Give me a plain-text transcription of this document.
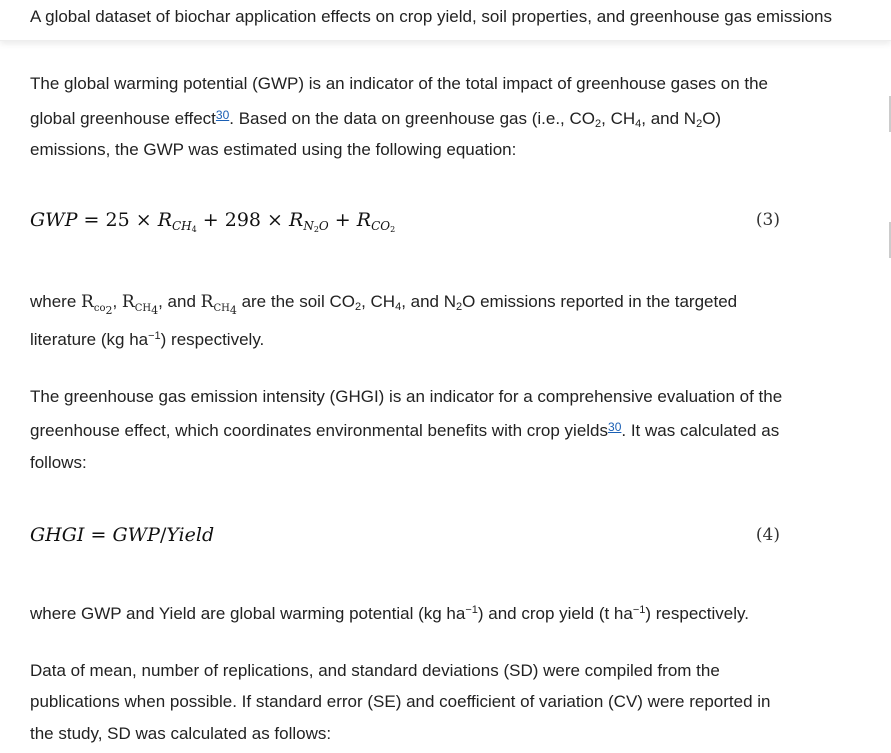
A global dataset of biochar application effects on crop yield, soil properties, and greenhouse gas emissions

The global warming potential (GWP) is an indicator of the total impact of greenhouse gases on the global greenhouse effect$^{30}$. Based on the data on greenhouse gas (i.e., $CO_2$, $CH_4$, and $N_2O$) emissions, the GWP was estimated using the following equation:

GWP = $25 \times R_{CH4} + 298 \times R_{N2O} + R_{CO2}$	(3)

where $R_{co_2}$, $R_{CH_4}$, and $R_{CH_4}$ are the soil $CO_2$, $CH_4$, and $N_2O$ emissions reported in the targeted literature (kg $ha^{-1}$) respectively.

The greenhouse gas emission intensity (GHGI) is an indicator for a comprehensive evaluation of the greenhouse effect, which coordinates environmental benefits with crop yields$^{30}$. It was calculated as follows:

GHGI = GWP/Yield	(4)

where GWP and Yield are global warming potential (kg $ha^{-1}$) and crop yield (t $ha^{-1}$) respectively.

Data of mean, number of replications, and standard deviations (SD) were compiled from the publications when possible. If standard error (SE) and coefficient of variation (CV) were reported in the study, SD was calculated as follows:
